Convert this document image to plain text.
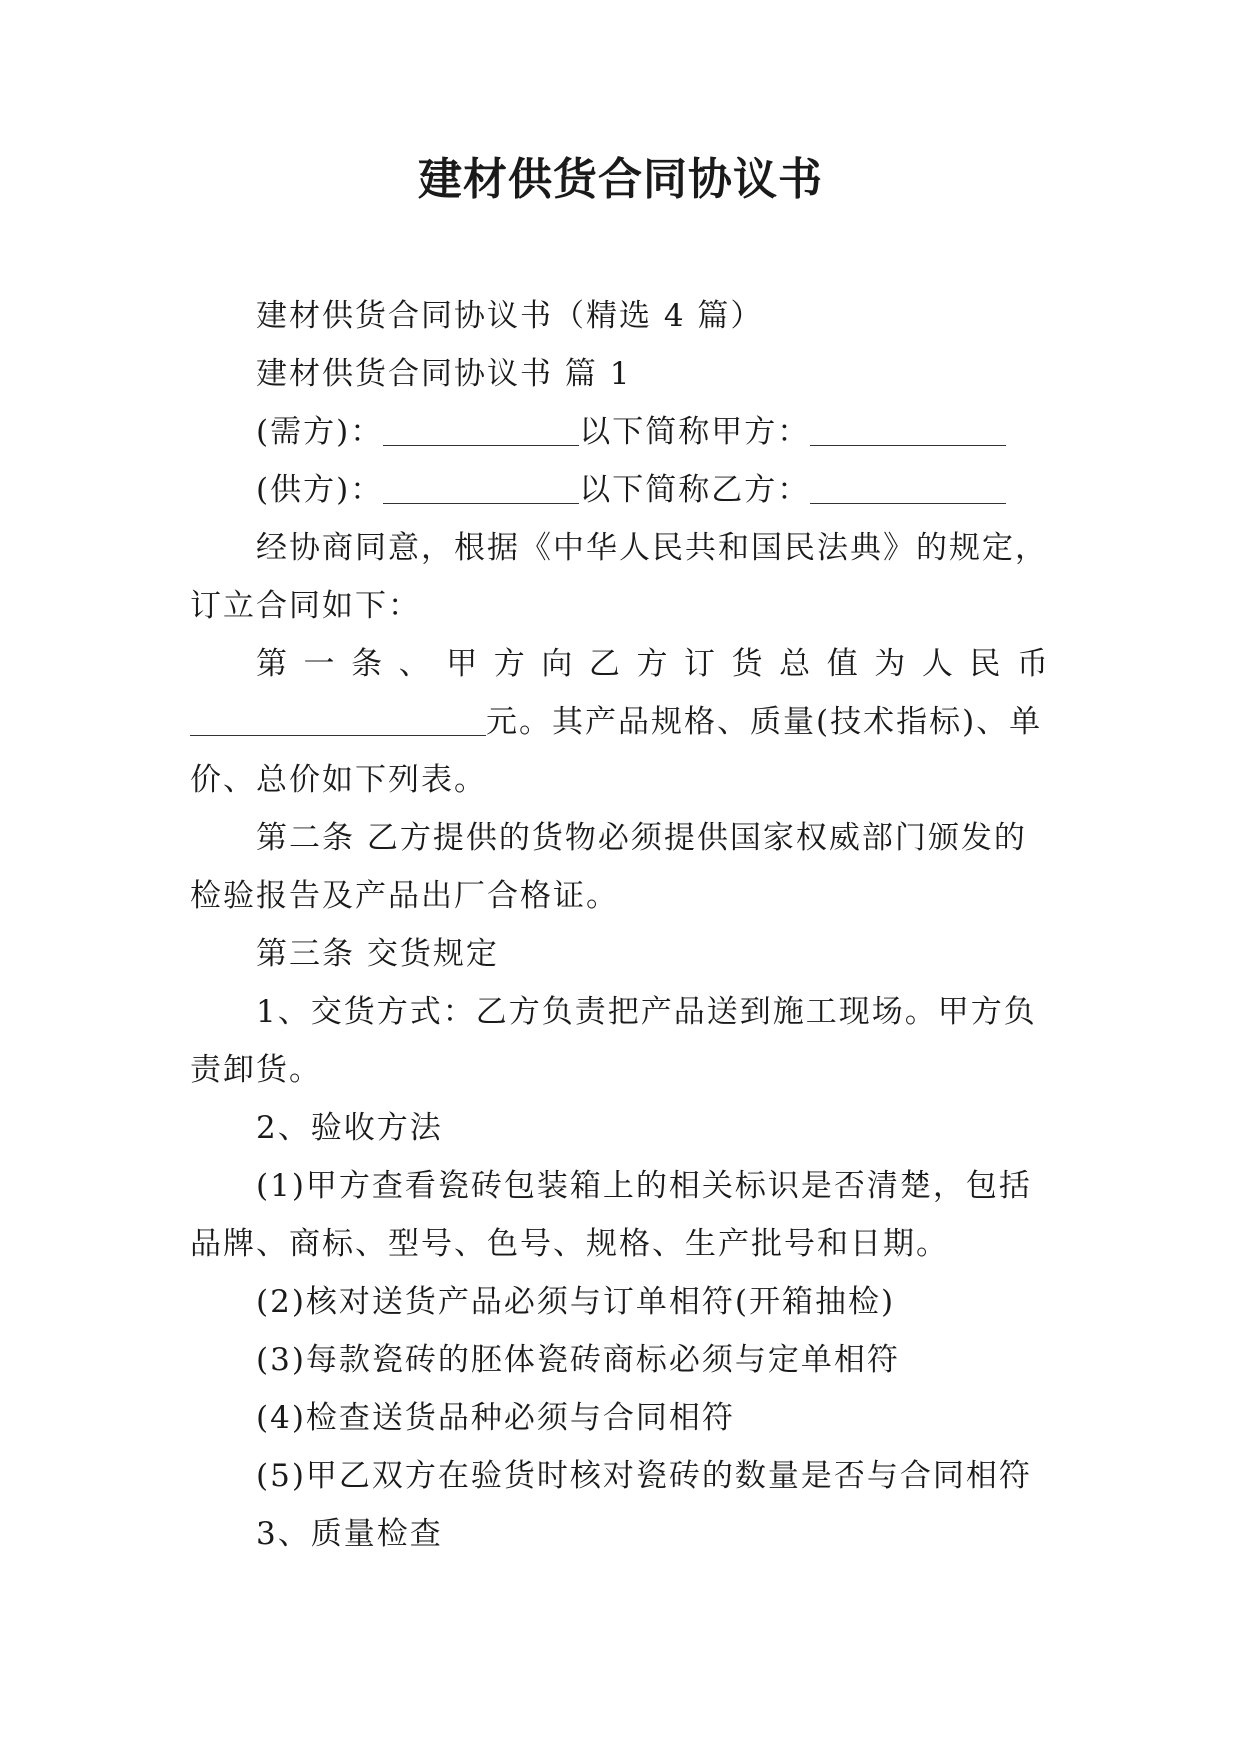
建材供货合同协议书

建材供货合同协议书（精选 4 篇）

建材供货合同协议书 篇 1

(需方)：	以下简称甲方：

(供方)：	以下简称乙方：

经协商同意，根据《中华人民共和国民法典》的规定，

订立合同如下：

第 一 条 、 甲 方 向 乙 方 订 货 总 值 为 人 民 币

元。其产品规格、质量(技术指标)、单

价、总价如下列表。

第二条 乙方提供的货物必须提供国家权威部门颁发的

检验报告及产品出厂合格证。

第三条 交货规定

1、交货方式：乙方负责把产品送到施工现场。甲方负

责卸货。

2、验收方法

(1)甲方查看瓷砖包装箱上的相关标识是否清楚，包括

品牌、商标、型号、色号、规格、生产批号和日期。

(2)核对送货产品必须与订单相符(开箱抽检)

(3)每款瓷砖的胚体瓷砖商标必须与定单相符

(4)检查送货品种必须与合同相符

(5)甲乙双方在验货时核对瓷砖的数量是否与合同相符

3、质量检查
